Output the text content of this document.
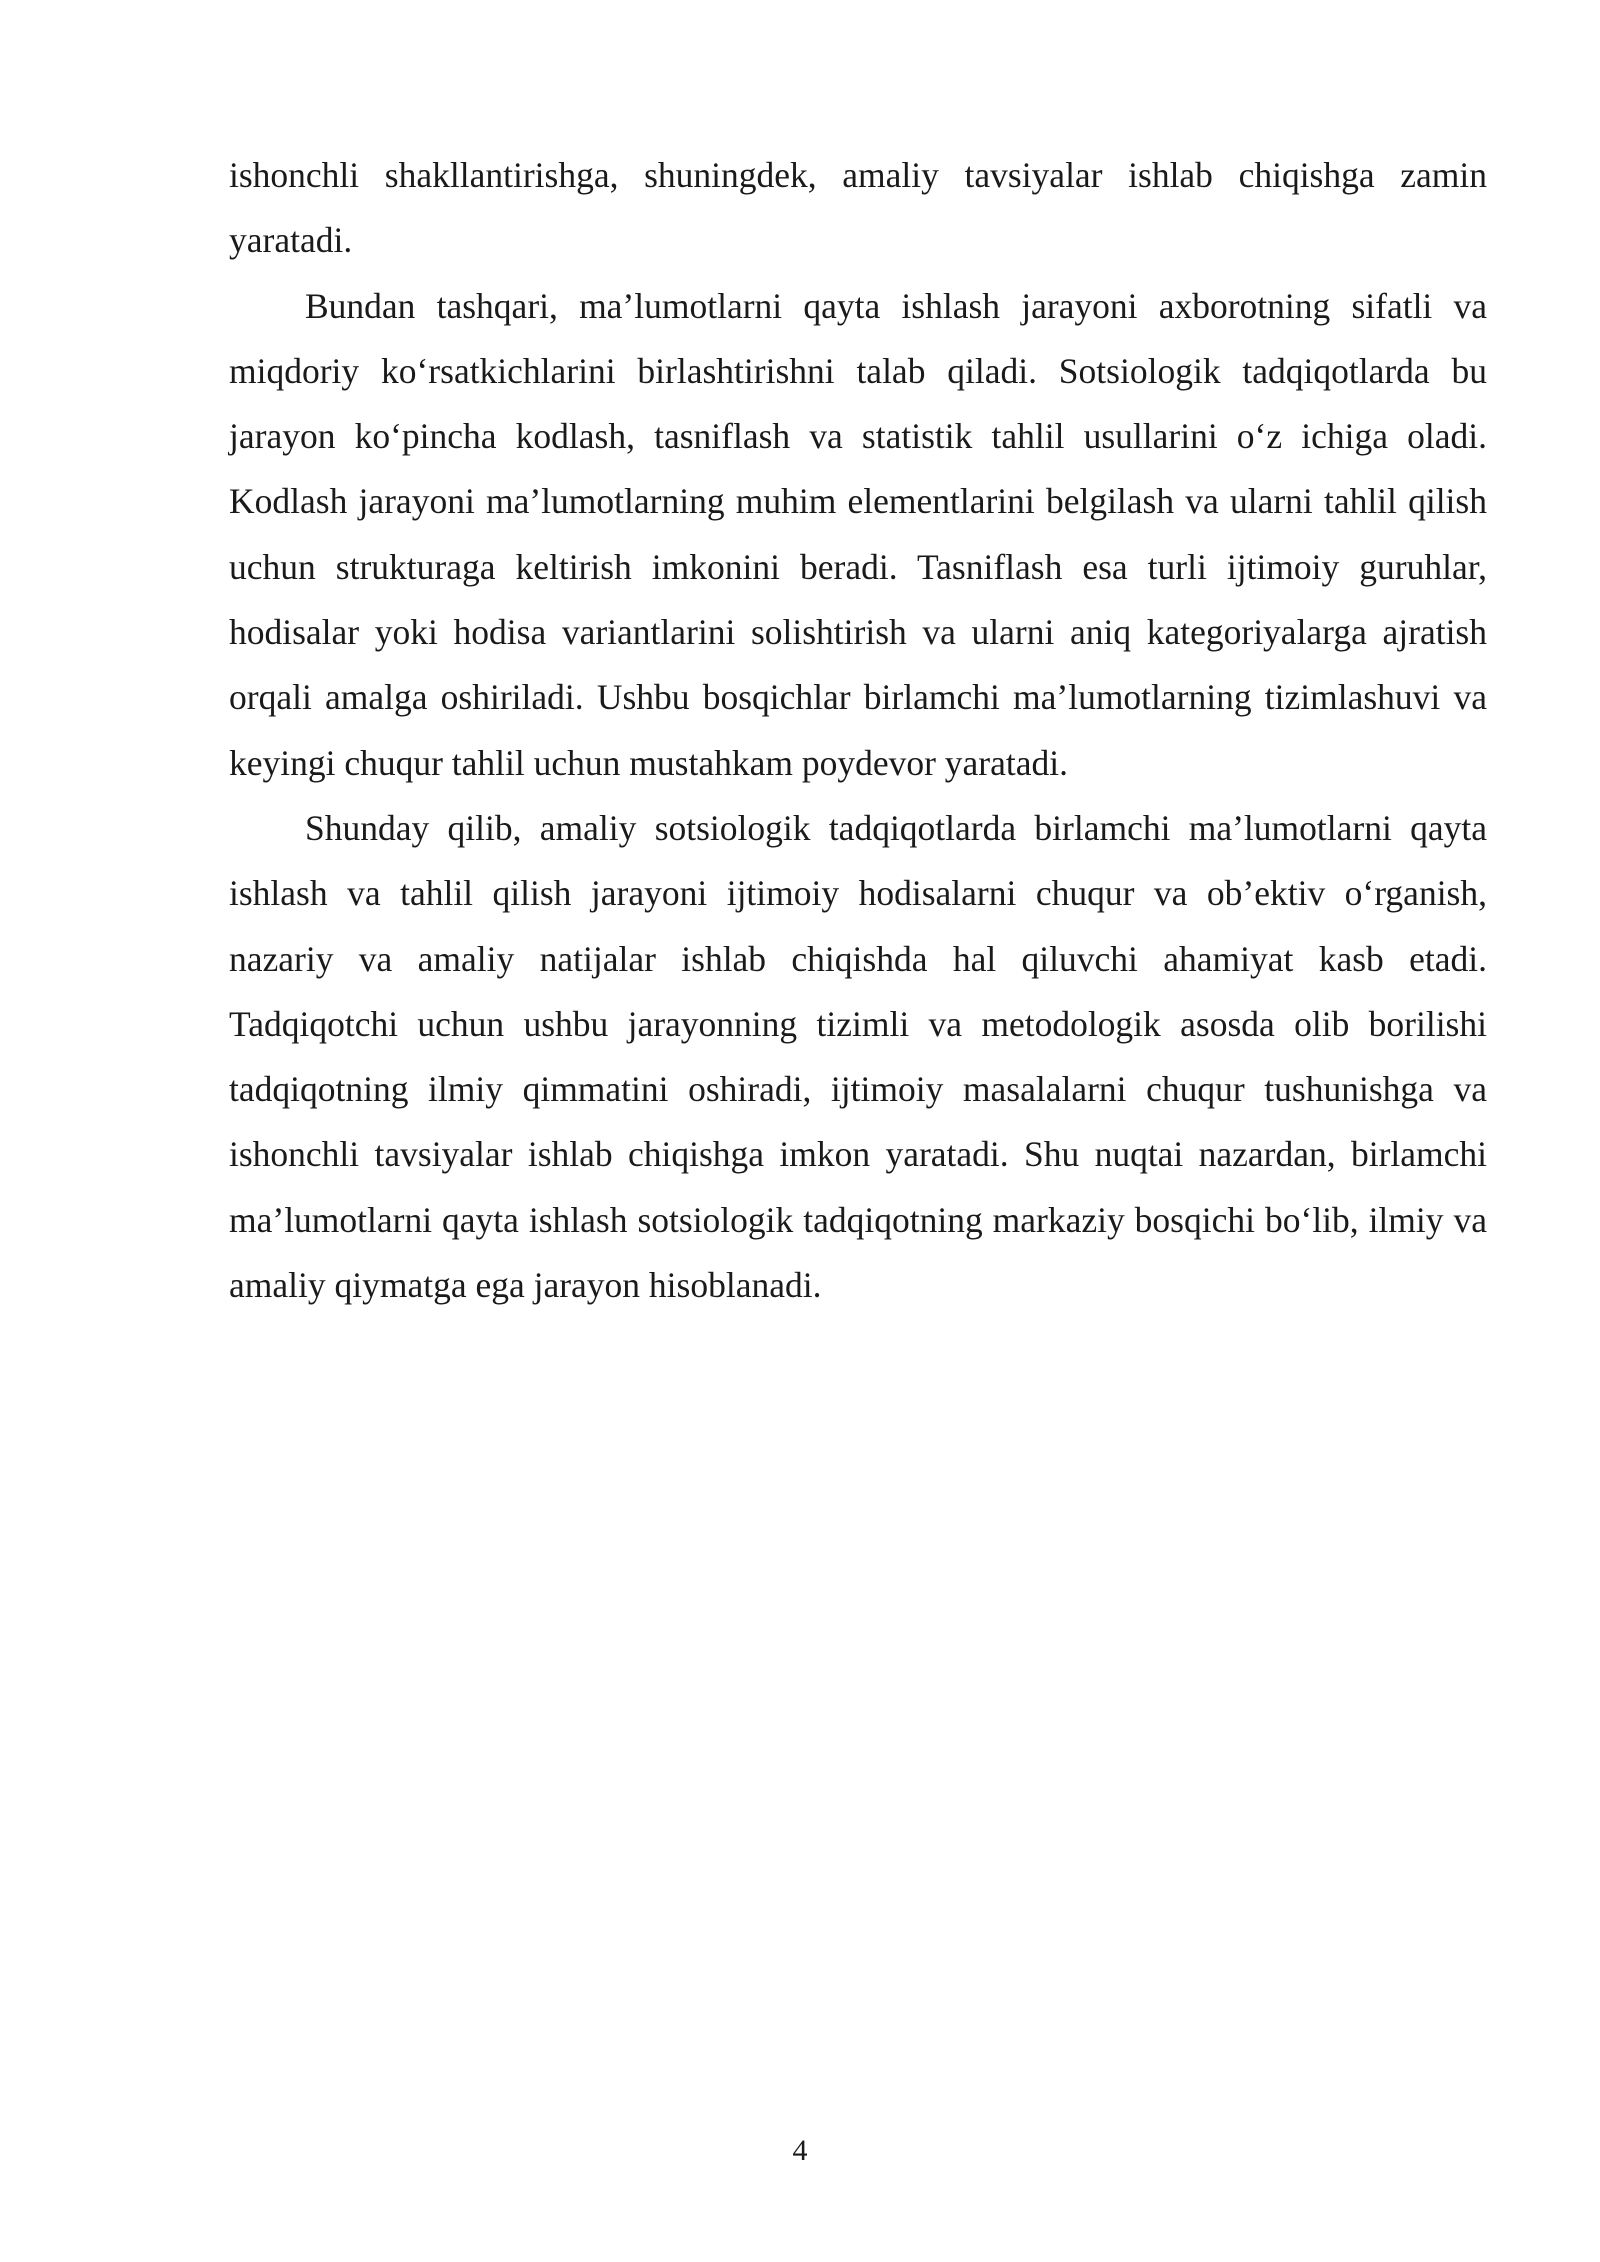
ishonchli shakllantirishga, shuningdek, amaliy tavsiyalar ishlab chiqishga zamin yaratadi.

Bundan tashqari, ma’lumotlarni qayta ishlash jarayoni axborotning sifatli va miqdoriy ko‘rsatkichlarini birlashtirishni talab qiladi. Sotsiologik tadqiqotlarda bu jarayon ko‘pincha kodlash, tasniflash va statistik tahlil usullarini o‘z ichiga oladi. Kodlash jarayoni ma’lumotlarning muhim elementlarini belgilash va ularni tahlil qilish uchun strukturaga keltirish imkonini beradi. Tasniflash esa turli ijtimoiy guruhlar, hodisalar yoki hodisa variantlarini solishtirish va ularni aniq kategoriyalarga ajratish orqali amalga oshiriladi. Ushbu bosqichlar birlamchi ma’lumotlarning tizimlashuvi va keyingi chuqur tahlil uchun mustahkam poydevor yaratadi.

Shunday qilib, amaliy sotsiologik tadqiqotlarda birlamchi ma’lumotlarni qayta ishlash va tahlil qilish jarayoni ijtimoiy hodisalarni chuqur va ob’ektiv o‘rganish, nazariy va amaliy natijalar ishlab chiqishda hal qiluvchi ahamiyat kasb etadi. Tadqiqotchi uchun ushbu jarayonning tizimli va metodologik asosda olib borilishi tadqiqotning ilmiy qimmatini oshiradi, ijtimoiy masalalarni chuqur tushunishga va ishonchli tavsiyalar ishlab chiqishga imkon yaratadi. Shu nuqtai nazardan, birlamchi ma’lumotlarni qayta ishlash sotsiologik tadqiqotning markaziy bosqichi bo‘lib, ilmiy va amaliy qiymatga ega jarayon hisoblanadi.

4
